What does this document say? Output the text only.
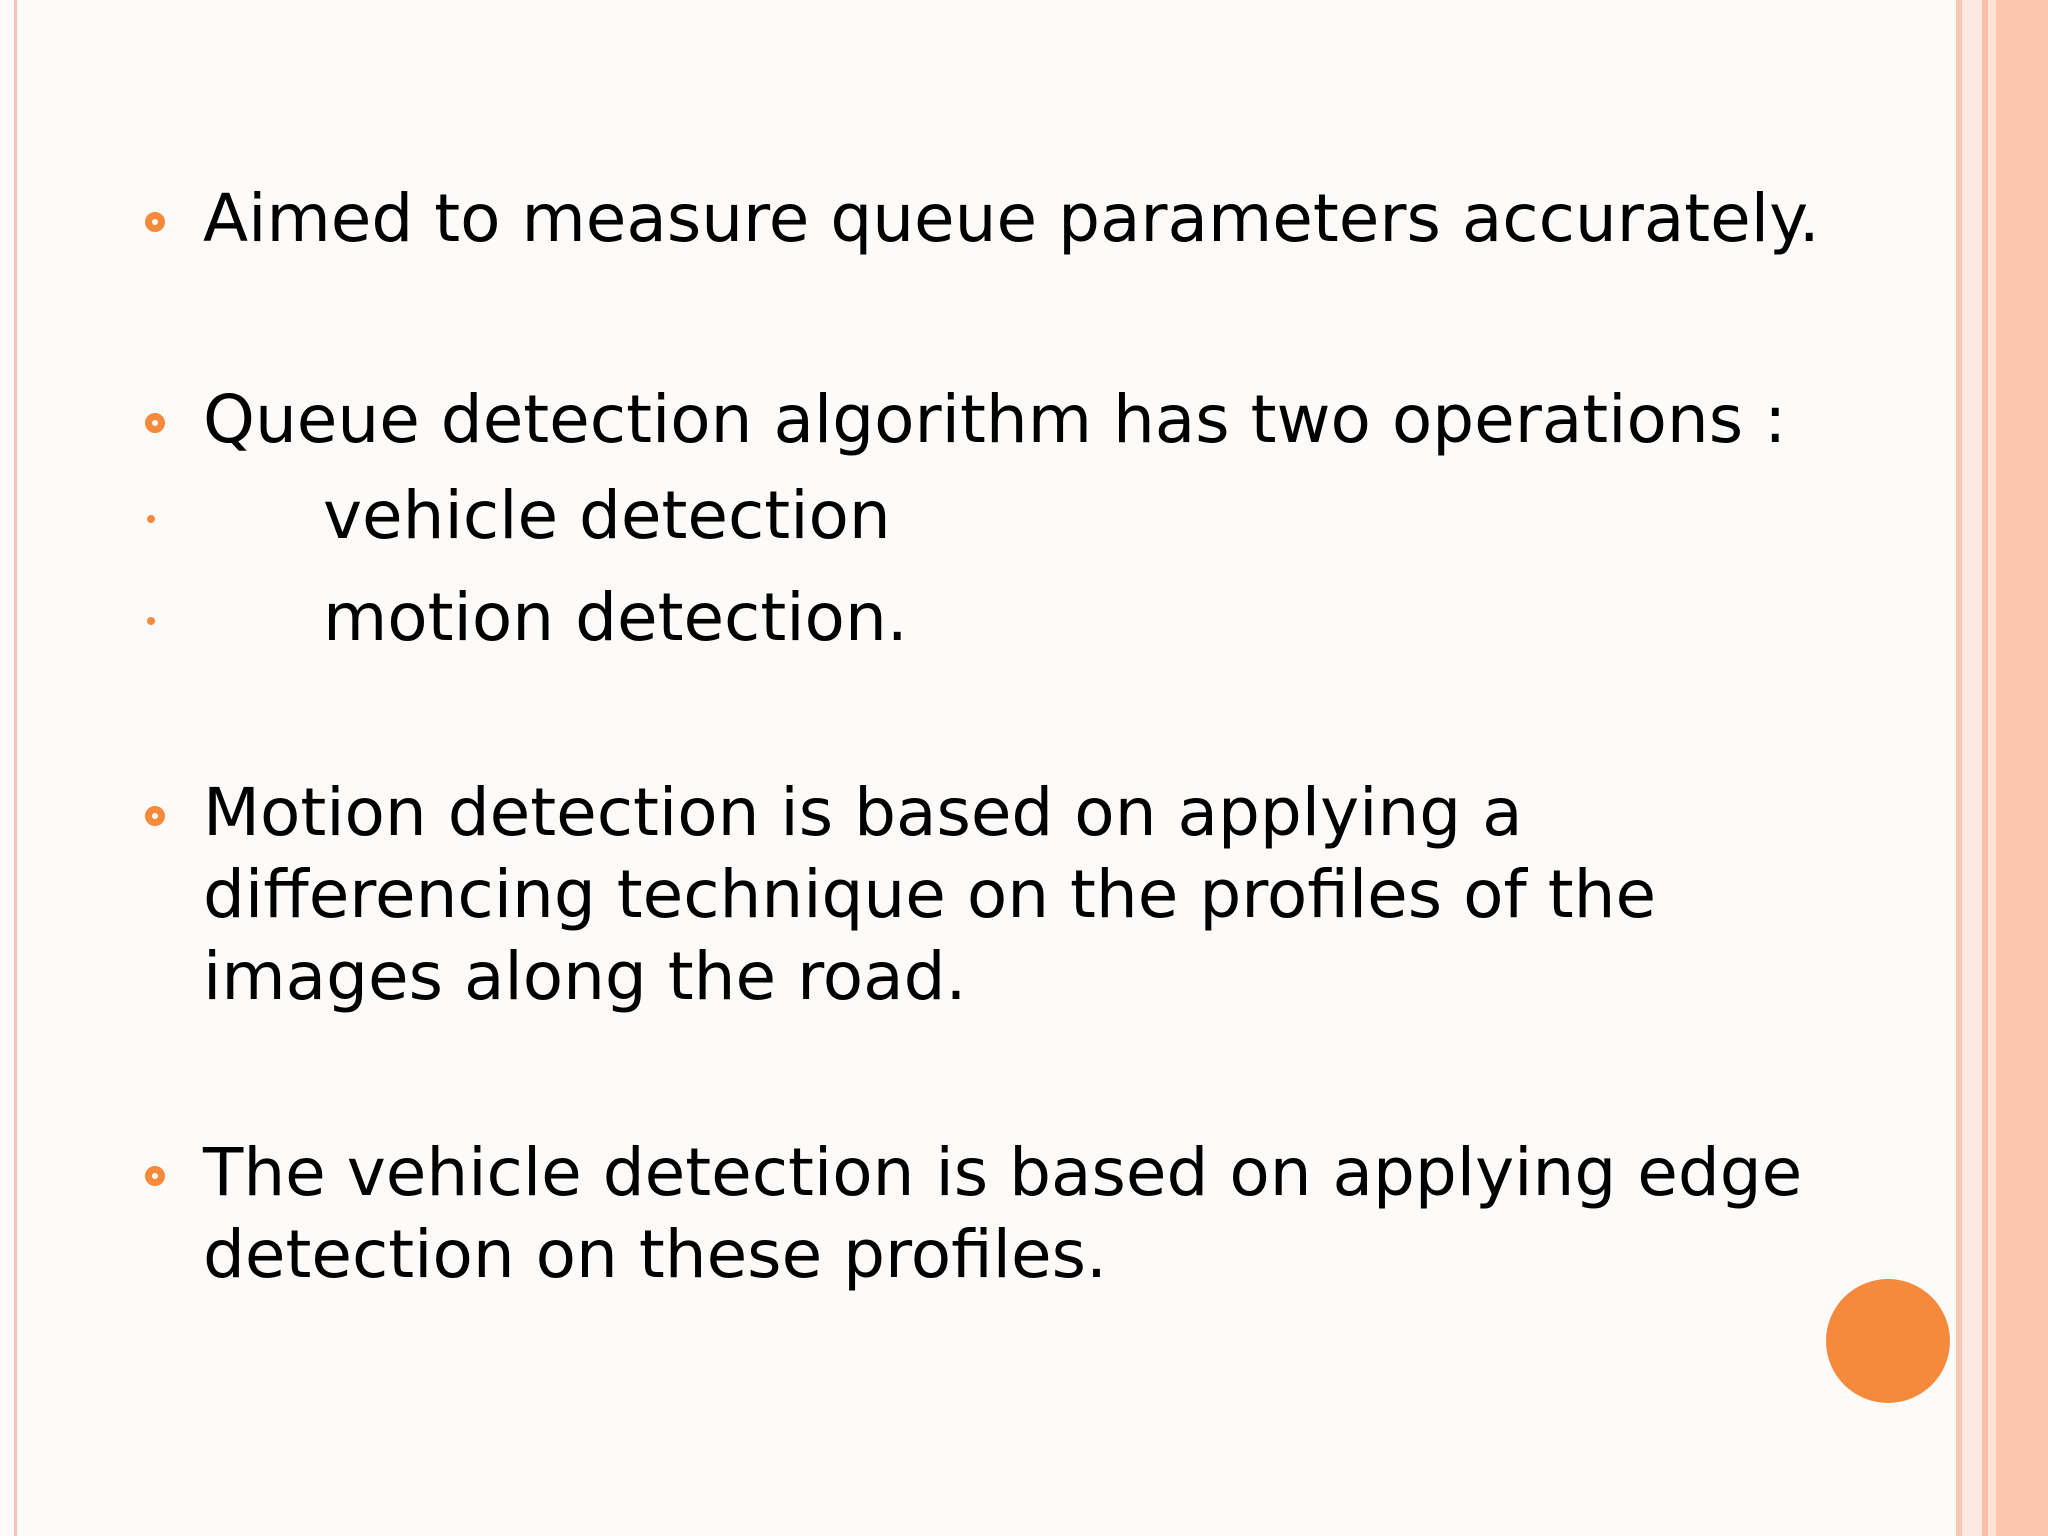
Aimed to measure queue parameters accurately.
Queue detection algorithm has two operations :
vehicle detection
motion detection.
Motion detection is based on applying a
differencing technique on the profiles of the
images along the road.
The vehicle detection is based on applying edge
detection on these profiles.
